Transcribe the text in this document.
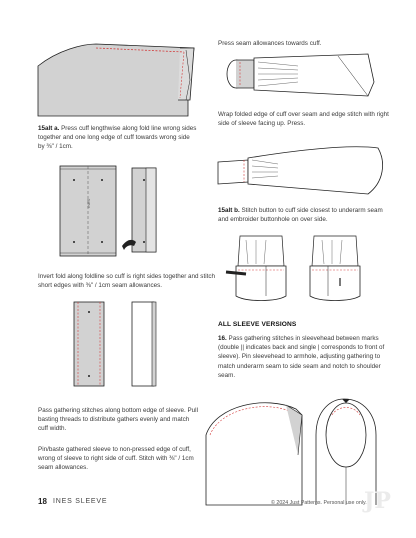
15alt a. Press cuff lengthwise along fold line wrong sides together and one long edge of cuff towards wrong side by ⅜" / 1cm.
INES
Invert fold along foldline so cuff is right sides together and stitch short edges with ⅜" / 1cm seam allowances.
Pass gathering stitches along bottom edge of sleeve. Pull basting threads to distribute gathers evenly and match cuff width.
Pin/baste gathered sleeve to non-pressed edge of cuff, wrong of sleeve to right side of cuff. Stitch with ⅜" / 1cm seam allowances.
Press seam allowances towards cuff.
Wrap folded edge of cuff over seam and edge stitch with right side of sleeve facing up. Press.
15alt b. Stitch button to cuff side closest to underarm seam and embroider buttonhole on over side.
ALL SLEEVE VERSIONS
16. Pass gathering stitches in sleevehead between marks (double || indicates back and single | corresponds to front of sleeve). Pin sleevehead to armhole, adjusting gathering to match underarm seam to side seam and notch to shoulder seam.
18 INES SLEEVE	© 2024 Just Patterns. Personal use only.
JP
